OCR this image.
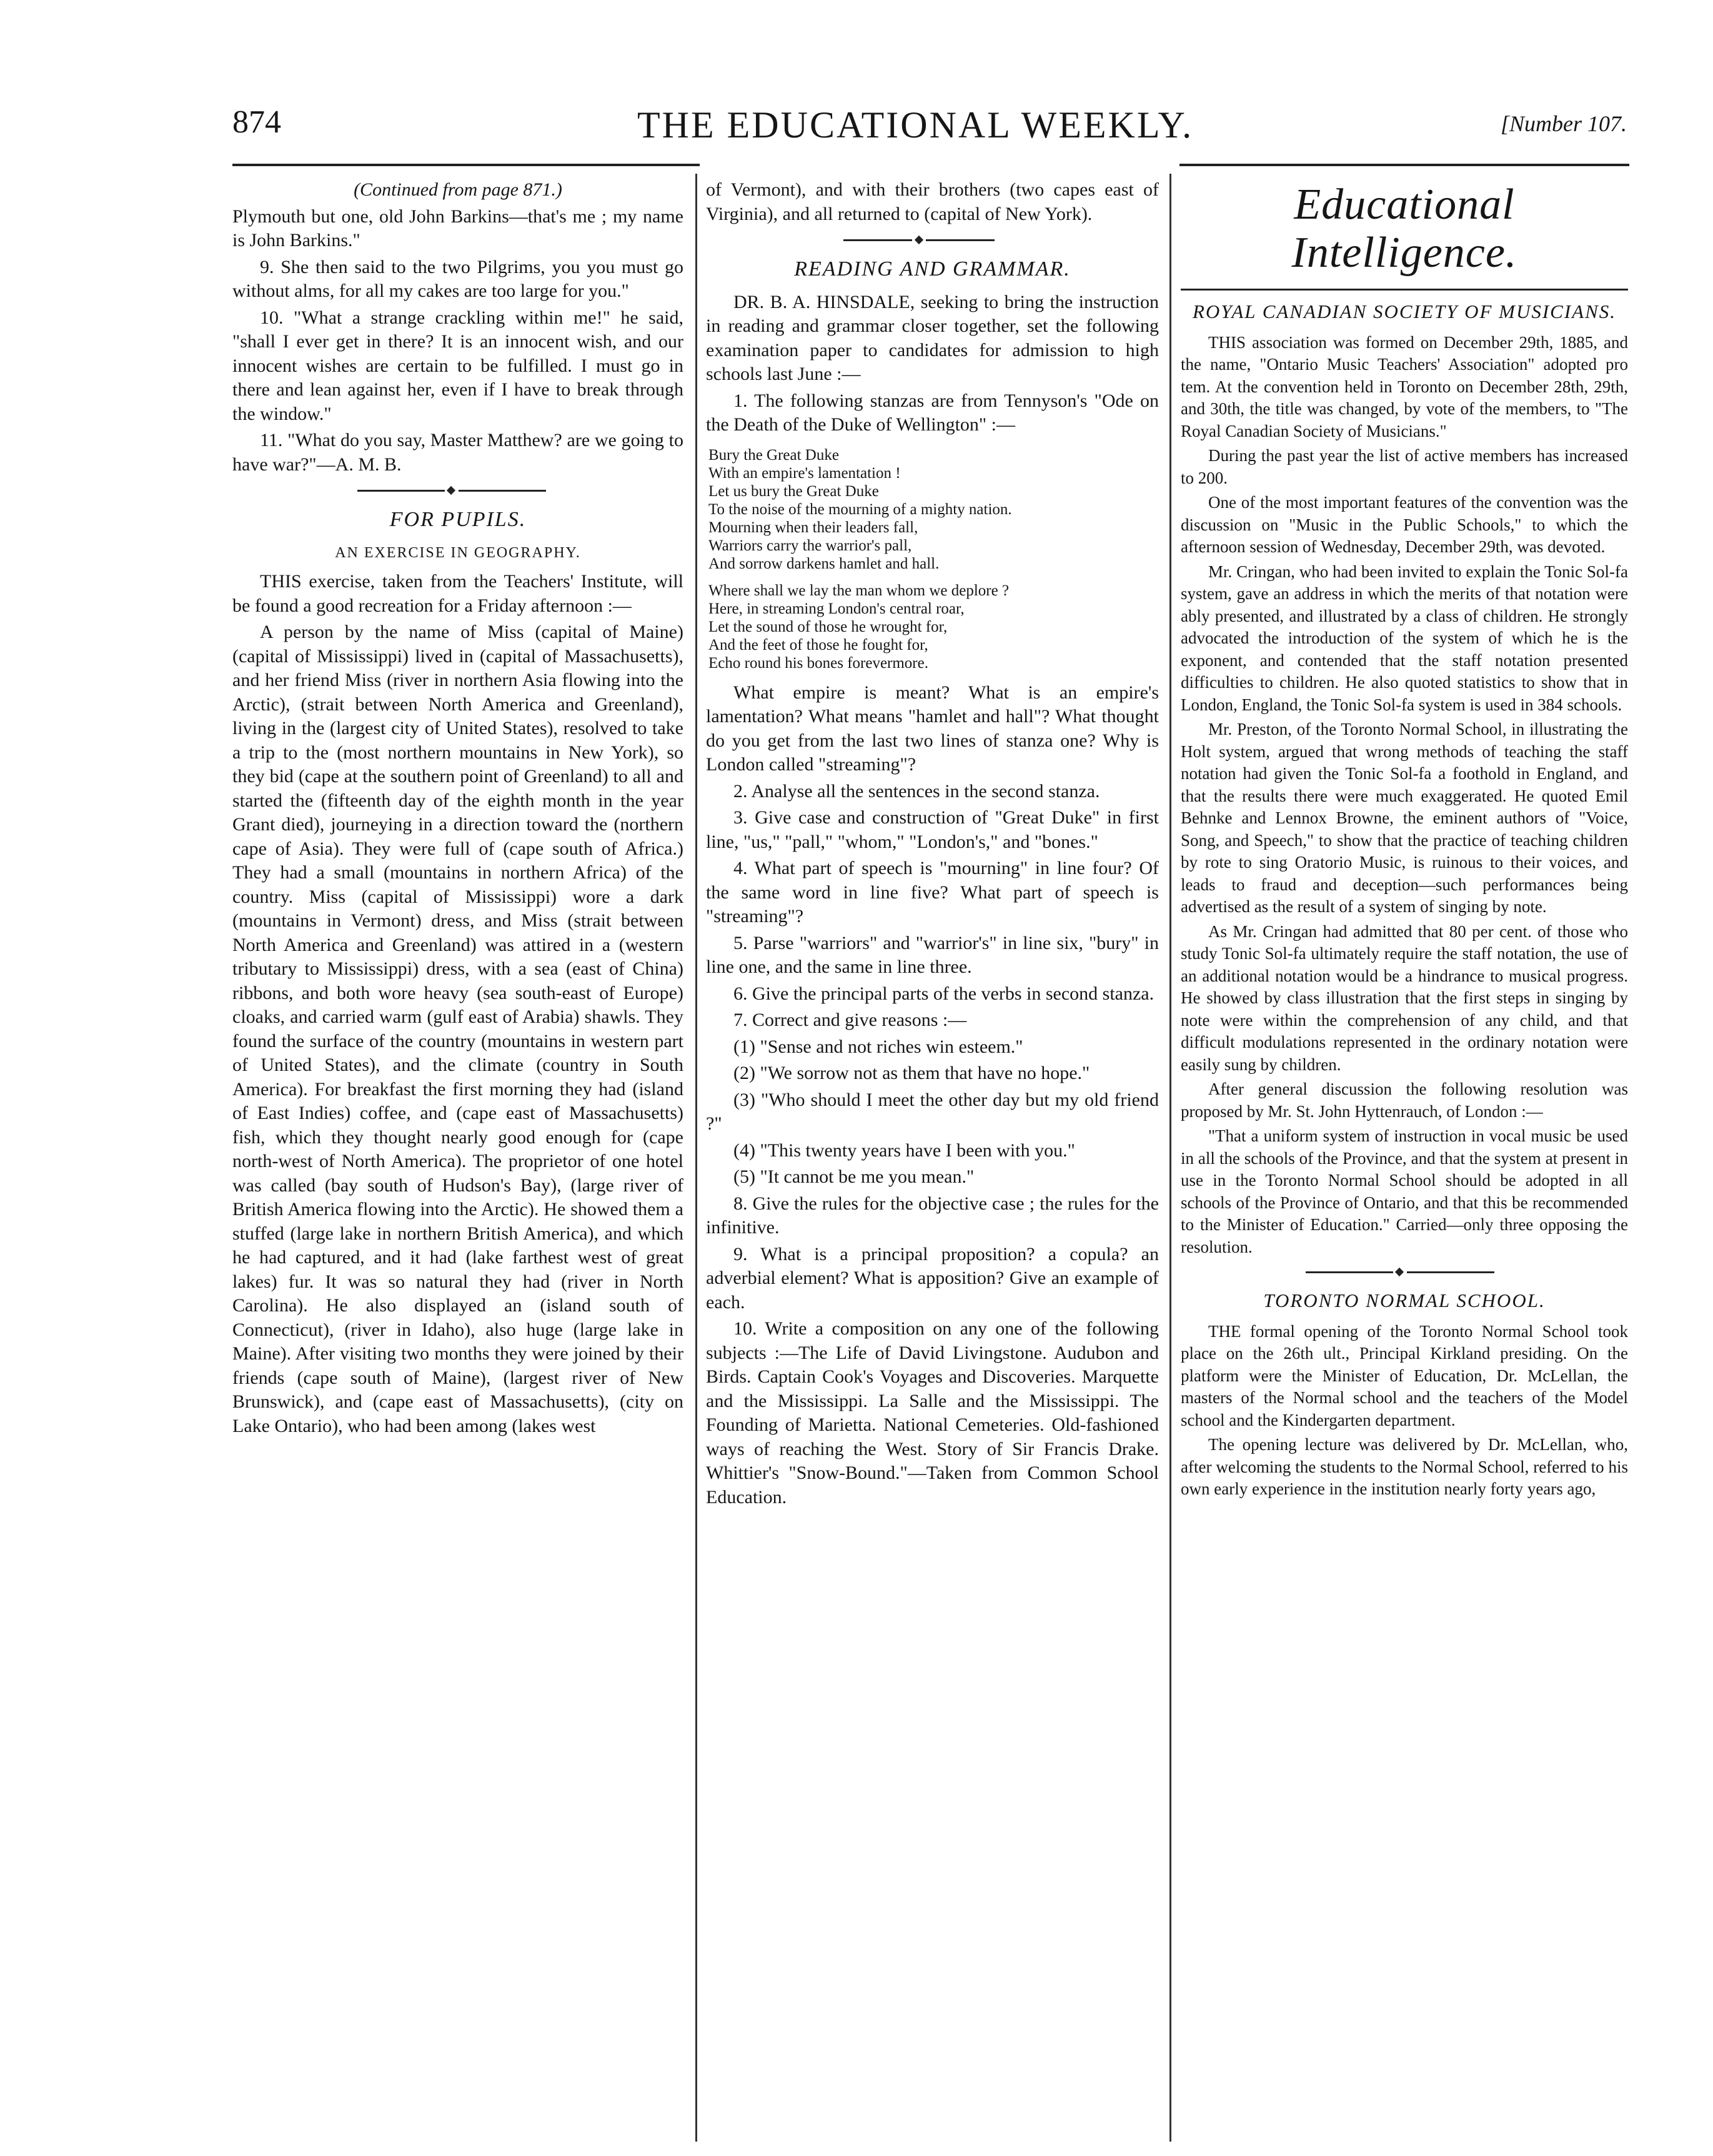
874	THE EDUCATIONAL WEEKLY.	[Number 107.

(Continued from page 871.)

Plymouth but one, old John Barkins—that's me ; my name is John Barkins."

9. She then said to the two Pilgrims, you you must go without alms, for all my cakes are too large for you."

10. "What a strange crackling within me!" he said, "shall I ever get in there? It is an innocent wish, and our innocent wishes are certain to be fulfilled. I must go in there and lean against her, even if I have to break through the window."

11. "What do you say, Master Matthew? are we going to have war?"—A. M. B.

FOR PUPILS.
AN EXERCISE IN GEOGRAPHY.

THIS exercise, taken from the Teachers' Institute, will be found a good recreation for a Friday afternoon :—

A person by the name of Miss (capital of Maine) (capital of Mississippi) lived in (capital of Massachusetts), and her friend Miss (river in northern Asia flowing into the Arctic), (strait between North America and Greenland), living in the (largest city of United States), resolved to take a trip to the (most northern mountains in New York), so they bid (cape at the southern point of Greenland) to all and started the (fifteenth day of the eighth month in the year Grant died), journeying in a direction toward the (northern cape of Asia). They were full of (cape south of Africa.) They had a small (mountains in northern Africa) of the country. Miss (capital of Mississippi) wore a dark (mountains in Vermont) dress, and Miss (strait between North America and Greenland) was attired in a (western tributary to Mississippi) dress, with a sea (east of China) ribbons, and both wore heavy (sea south-east of Europe) cloaks, and carried warm (gulf east of Arabia) shawls. They found the surface of the country (mountains in western part of United States), and the climate (country in South America). For breakfast the first morning they had (island of East Indies) coffee, and (cape east of Massachusetts) fish, which they thought nearly good enough for (cape north-west of North America). The proprietor of one hotel was called (bay south of Hudson's Bay), (large river of British America flowing into the Arctic). He showed them a stuffed (large lake in northern British America), and which he had captured, and it had (lake farthest west of great lakes) fur. It was so natural they had (river in North Carolina). He also displayed an (island south of Connecticut), (river in Idaho), also huge (large lake in Maine). After visiting two months they were joined by their friends (cape south of Maine), (largest river of New Brunswick), and (cape east of Massachusetts), (city on Lake Ontario), who had been among (lakes west

of Vermont), and with their brothers (two capes east of Virginia), and all returned to (capital of New York).

READING AND GRAMMAR.

DR. B. A. HINSDALE, seeking to bring the instruction in reading and grammar closer together, set the following examination paper to candidates for admission to high schools last June :—

1. The following stanzas are from Tennyson's "Ode on the Death of the Duke of Wellington" :—

Bury the Great Duke
With an empire's lamentation !
Let us bury the Great Duke
To the noise of the mourning of a mighty nation.
Mourning when their leaders fall,
Warriors carry the warrior's pall,
And sorrow darkens hamlet and hall.
Where shall we lay the man whom we deplore ?
Here, in streaming London's central roar,
Let the sound of those he wrought for,
And the feet of those he fought for,
Echo round his bones forevermore.

What empire is meant? What is an empire's lamentation? What means "hamlet and hall"? What thought do you get from the last two lines of stanza one? Why is London called "streaming"?

2. Analyse all the sentences in the second stanza.

3. Give case and construction of "Great Duke" in first line, "us," "pall," "whom," "London's," and "bones."

4. What part of speech is "mourning" in line four? Of the same word in line five? What part of speech is "streaming"?

5. Parse "warriors" and "warrior's" in line six, "bury" in line one, and the same in line three.

6. Give the principal parts of the verbs in second stanza.

7. Correct and give reasons :—

(1) "Sense and not riches win esteem."

(2) "We sorrow not as them that have no hope."

(3) "Who should I meet the other day but my old friend ?"

(4) "This twenty years have I been with you."

(5) "It cannot be me you mean."

8. Give the rules for the objective case ; the rules for the infinitive.

9. What is a principal proposition? a copula? an adverbial element? What is apposition? Give an example of each.

10. Write a composition on any one of the following subjects :—The Life of David Livingstone. Audubon and Birds. Captain Cook's Voyages and Discoveries. Marquette and the Mississippi. La Salle and the Mississippi. The Founding of Marietta. National Cemeteries. Old-fashioned ways of reaching the West. Story of Sir Francis Drake. Whittier's "Snow-Bound."—Taken from Common School Education.

Educational Intelligence.
ROYAL CANADIAN SOCIETY OF MUSICIANS.

THIS association was formed on December 29th, 1885, and the name, "Ontario Music Teachers' Association" adopted pro tem. At the convention held in Toronto on December 28th, 29th, and 30th, the title was changed, by vote of the members, to "The Royal Canadian Society of Musicians."

During the past year the list of active members has increased to 200.

One of the most important features of the convention was the discussion on "Music in the Public Schools," to which the afternoon session of Wednesday, December 29th, was devoted.

Mr. Cringan, who had been invited to explain the Tonic Sol-fa system, gave an address in which the merits of that notation were ably presented, and illustrated by a class of children. He strongly advocated the introduction of the system of which he is the exponent, and contended that the staff notation presented difficulties to children. He also quoted statistics to show that in London, England, the Tonic Sol-fa system is used in 384 schools.

Mr. Preston, of the Toronto Normal School, in illustrating the Holt system, argued that wrong methods of teaching the staff notation had given the Tonic Sol-fa a foothold in England, and that the results there were much exaggerated. He quoted Emil Behnke and Lennox Browne, the eminent authors of "Voice, Song, and Speech," to show that the practice of teaching children by rote to sing Oratorio Music, is ruinous to their voices, and leads to fraud and deception—such performances being advertised as the result of a system of singing by note.

As Mr. Cringan had admitted that 80 per cent. of those who study Tonic Sol-fa ultimately require the staff notation, the use of an additional notation would be a hindrance to musical progress. He showed by class illustration that the first steps in singing by note were within the comprehension of any child, and that difficult modulations represented in the ordinary notation were easily sung by children.

After general discussion the following resolution was proposed by Mr. St. John Hyttenrauch, of London :—

"That a uniform system of instruction in vocal music be used in all the schools of the Province, and that the system at present in use in the Toronto Normal School should be adopted in all schools of the Province of Ontario, and that this be recommended to the Minister of Education." Carried—only three opposing the resolution.

TORONTO NORMAL SCHOOL.

THE formal opening of the Toronto Normal School took place on the 26th ult., Principal Kirkland presiding. On the platform were the Minister of Education, Dr. McLellan, the masters of the Normal school and the teachers of the Model school and the Kindergarten department.

The opening lecture was delivered by Dr. McLellan, who, after welcoming the students to the Normal School, referred to his own early experience in the institution nearly forty years ago,
